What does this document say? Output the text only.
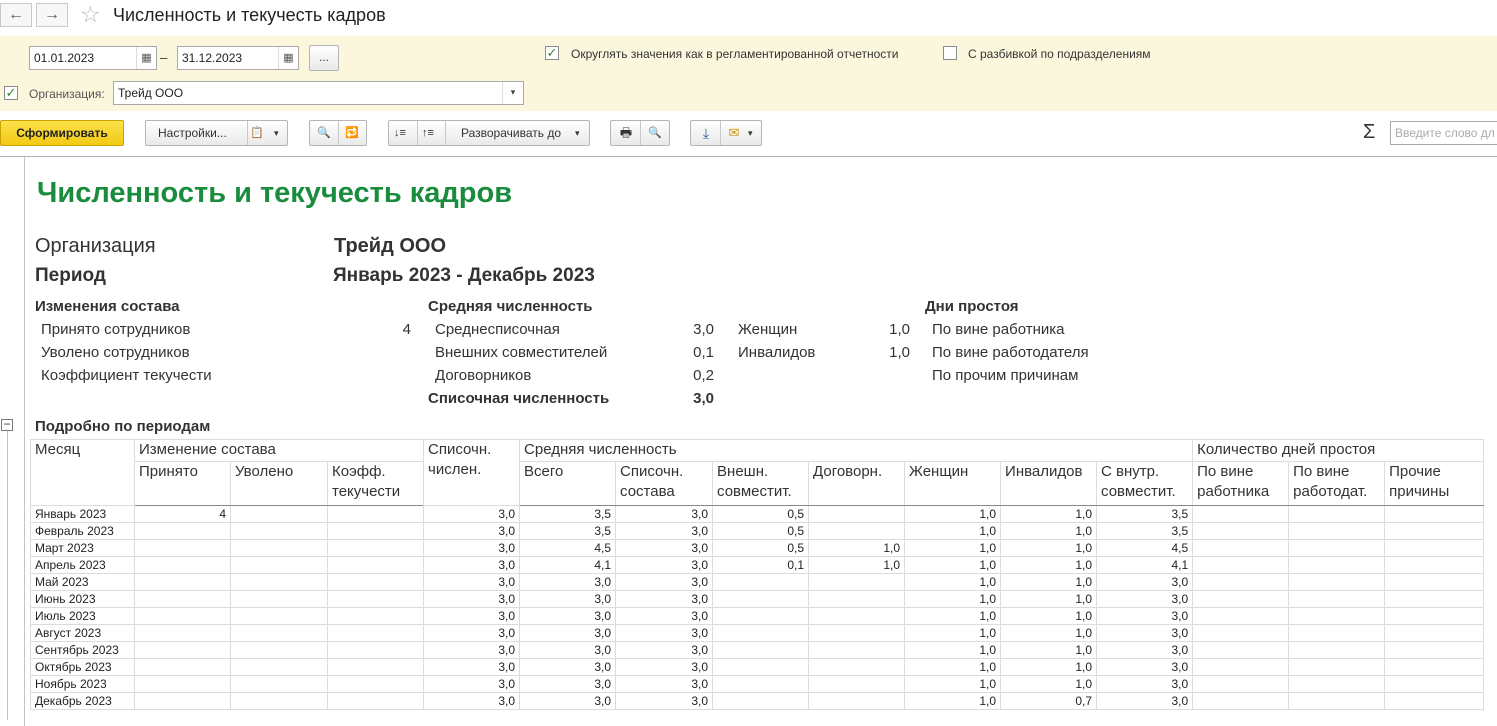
←	→ ☆ Численность и текучесть кадров
01.01.2023	▦ –	31.12.2023	▦	...	✓ Округлять значения как в регламентированной отчетности	С разбивкой по подразделениям
✓ Организация:	Трейд ООО	▾
Сформировать	Настройки... 📋 ▾	🔍 🔁	↓≡ ↑≡ Разворачивать до ▾	🖶	🔍	⤓	✉ ▾	Σ	Введите слово дл
−
Численность и текучесть кадров
Организация	Трейд ООО
Период	Январь 2023 - Декабрь 2023
Изменения состава
Принято сотрудников	4
Уволено сотрудников
Коэффициент текучести
Средняя численность
Среднесписочная	3,0
Внешних совместителей	0,1
Договорников	0,2
Списочная численность	3,0
Женщин	1,0
Инвалидов	1,0
Дни простоя
По вине работника
По вине работодателя
По прочим причинам
Подробно по периодам
Месяц	Изменение состава			Списочн. числен.	Средняя численность							Количество дней простоя		
	Принято	Уволено	Коэфф. текучести		Всего	Списочн. состава	Внешн. совместит.	Договорн.	Женщин	Инвалидов	С внутр. совместит.	По вине работника	По вине работодат.	Прочие причины
Январь 2023	4			3,0	3,5	3,0	0,5		1,0	1,0	3,5			
Февраль 2023				3,0	3,5	3,0	0,5		1,0	1,0	3,5			
Март 2023				3,0	4,5	3,0	0,5	1,0	1,0	1,0	4,5			
Апрель 2023				3,0	4,1	3,0	0,1	1,0	1,0	1,0	4,1			
Май 2023				3,0	3,0	3,0			1,0	1,0	3,0			
Июнь 2023				3,0	3,0	3,0			1,0	1,0	3,0			
Июль 2023				3,0	3,0	3,0			1,0	1,0	3,0			
Август 2023				3,0	3,0	3,0			1,0	1,0	3,0			
Сентябрь 2023				3,0	3,0	3,0			1,0	1,0	3,0			
Октябрь 2023				3,0	3,0	3,0			1,0	1,0	3,0			
Ноябрь 2023				3,0	3,0	3,0			1,0	1,0	3,0			
Декабрь 2023				3,0	3,0	3,0			1,0	0,7	3,0			
